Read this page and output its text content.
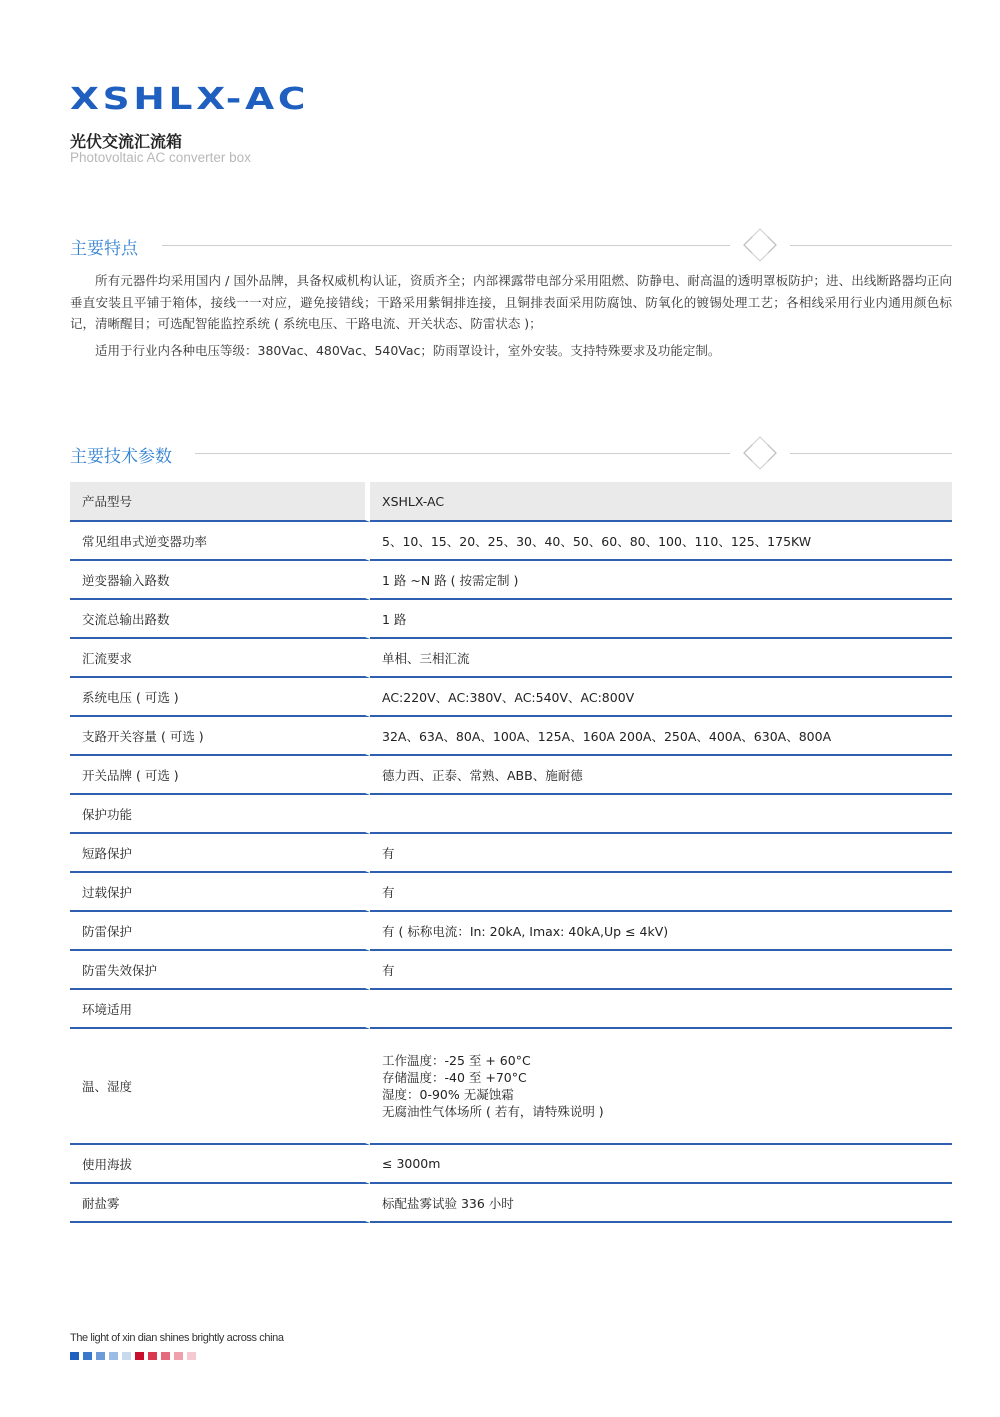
XSHLX-AC
光伏交流汇流箱
Photovoltaic AC converter box
主要特点

所有元器件均采用国内 / 国外品牌，具备权威机构认证，资质齐全；内部裸露带电部分采用阻燃、防静电、耐高温的透明罩板防护；进、出线断路器均正向垂直安装且平铺于箱体，接线一一对应，避免接错线；干路采用紫铜排连接，且铜排表面采用防腐蚀、防氧化的镀锡处理工艺；各相线采用行业内通用颜色标记，清晰醒目；可选配智能监控系统 ( 系统电压、干路电流、开关状态、防雷状态 )；

适用于行业内各种电压等级：380Vac、480Vac、540Vac；防雨罩设计，室外安装。支持特殊要求及功能定制。

主要技术参数
产品型号	XSHLX-AC
常见组串式逆变器功率	5、10、15、20、25、30、40、50、60、80、100、110、125、175KW
逆变器输入路数	1 路 ~N 路 ( 按需定制 )
交流总输出路数	1 路
汇流要求	单相、三相汇流
系统电压 ( 可选 )	AC:220V、AC:380V、AC:540V、AC:800V
支路开关容量 ( 可选 )	32A、63A、80A、100A、125A、160A 200A、250A、400A、630A、800A
开关品牌 ( 可选 )	德力西、正泰、常熟、ABB、施耐德
保护功能	
短路保护	有
过载保护	有
防雷保护	有 ( 标称电流：In: 20kA, Imax: 40kA,Up ≤ 4kV)
防雷失效保护	有
环境适用	
温、湿度	工作温度：-25 至 + 60°C
存储温度：-40 至 +70°C
湿度：0-90% 无凝蚀霜
无腐油性气体场所 ( 若有，请特殊说明 )

使用海拔	≤ 3000m
耐盐雾	标配盐雾试验 336 小时
The light of xin dian shines brightly across china
